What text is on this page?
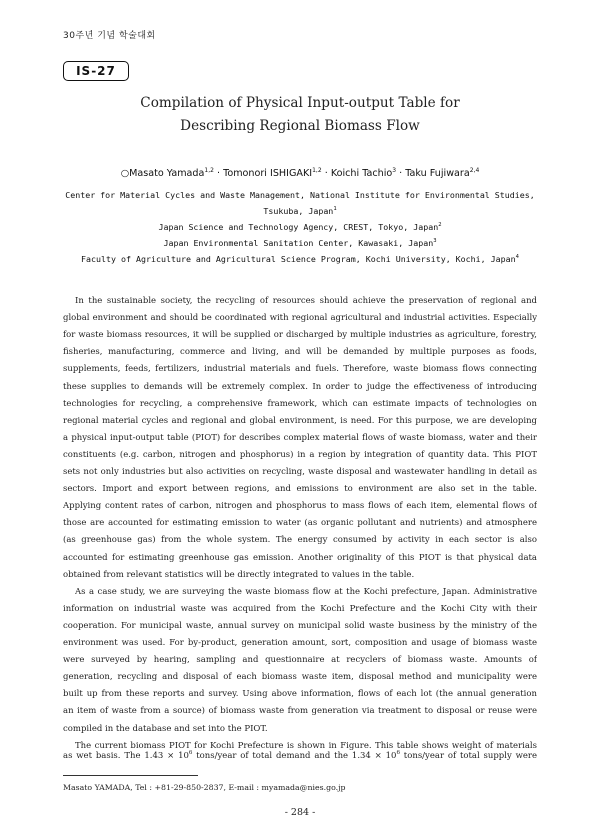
30주년 기념 학술대회
IS-27
Compilation of Physical Input-output Table for
Describing Regional Biomass Flow
○Masato Yamada$^{1,2}$ · Tomonori ISHIGAKI$^{1,2}$ · Koichi Tachio$^3$ · Taku Fujiwara$^{2,4}$
Center for Material Cycles and Waste Management, National Institute for Environmental Studies,
Tsukuba, Japan$^1$
Japan Science and Technology Agency, CREST, Tokyo, Japan$^2$
Japan Environmental Sanitation Center, Kawasaki, Japan$^3$
Faculty of Agriculture and Agricultural Science Program, Kochi University, Kochi, Japan$^4$
In the sustainable society, the recycling of resources should achieve the preservation of regional and
global environment and should be coordinated with regional agricultural and industrial activities. Especially
for waste biomass resources, it will be supplied or discharged by multiple industries as agriculture, forestry,
fisheries, manufacturing, commerce and living, and will be demanded by multiple purposes as foods,
supplements, feeds, fertilizers, industrial materials and fuels. Therefore, waste biomass flows connecting
these supplies to demands will be extremely complex. In order to judge the effectiveness of introducing
technologies for recycling, a comprehensive framework, which can estimate impacts of technologies on
regional material cycles and regional and global environment, is need. For this purpose, we are developing
a physical input-output table (PIOT) for describes complex material flows of waste biomass, water and their
constituents (e.g. carbon, nitrogen and phosphorus) in a region by integration of quantity data. This PIOT
sets not only industries but also activities on recycling, waste disposal and wastewater handling in detail as
sectors. Import and export between regions, and emissions to environment are also set in the table.
Applying content rates of carbon, nitrogen and phosphorus to mass flows of each item, elemental flows of
those are accounted for estimating emission to water (as organic pollutant and nutrients) and atmosphere
(as greenhouse gas) from the whole system. The energy consumed by activity in each sector is also
accounted for estimating greenhouse gas emission. Another originality of this PIOT is that physical data
obtained from relevant statistics will be directly integrated to values in the table.
As a case study, we are surveying the waste biomass flow at the Kochi prefecture, Japan. Administrative
information on industrial waste was acquired from the Kochi Prefecture and the Kochi City with their
cooperation. For municipal waste, annual survey on municipal solid waste business by the ministry of the
environment was used. For by-product, generation amount, sort, composition and usage of biomass waste
were surveyed by hearing, sampling and questionnaire at recyclers of biomass waste. Amounts of
generation, recycling and disposal of each biomass waste item, disposal method and municipality were
built up from these reports and survey. Using above information, flows of each lot (the annual generation
an item of waste from a source) of biomass waste from generation via treatment to disposal or reuse were
compiled in the database and set into the PIOT.
The current biomass PIOT for Kochi Prefecture is shown in Figure. This table shows weight of materials
as wet basis. The $1.43 \times 10^6$ tons/year of total demand and the $1.34 \times 10^6$ tons/year of total supply were
Masato YAMADA, Tel : +81-29-850-2837, E-mail : myamada@nies.go.jp
- 284 -
